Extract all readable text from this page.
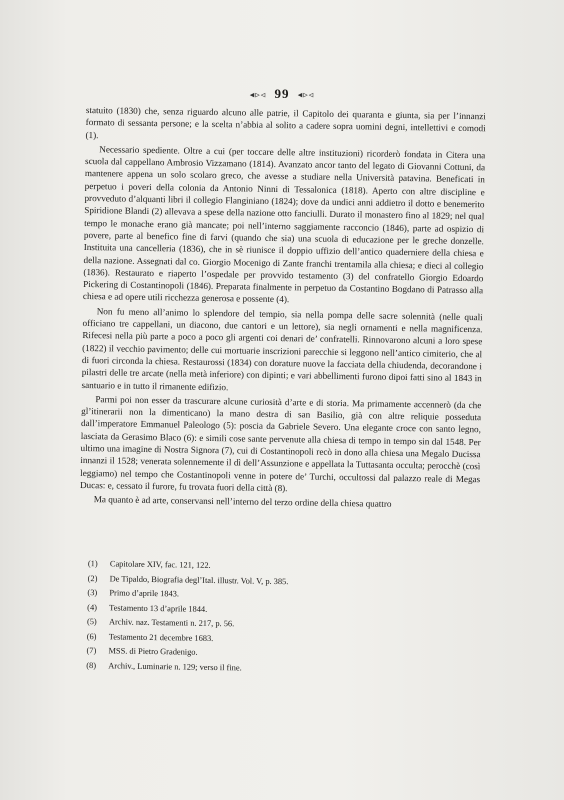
◂▹◃ 99 ◂▹◃

statuito (1830) che, senza riguardo alcuno alle patrie, il Capitolo dei quaranta e giunta, sia per l’innanzi formato di sessanta persone; e la scelta n’abbia al solito a cadere sopra uomini degni, intellettivi e comodi (1).

Necessario spediente. Oltre a cui (per toccare delle altre instituzioni) ricorderò fondata in Citera una scuola dal cappellano Ambrosio Vizzamano (1814). Avanzato ancor tanto del legato di Giovanni Cottuni, da mantenere appena un solo scolaro greco, che avesse a studiare nella Università patavina. Beneficati in perpetuo i poveri della colonia da Antonio Ninni di Tessalonica (1818). Aperto con altre discipline e provveduto d’alquanti libri il collegio Flanginiano (1824); dove da undici anni addietro il dotto e benemerito Spiridione Blandi (2) allevava a spese della nazione otto fanciulli. Durato il monastero fino al 1829; nel qual tempo le monache erano già mancate; poi nell’interno saggiamente racconcio (1846), parte ad ospizio di povere, parte al benefico fine di farvi (quando che sia) una scuola di educazione per le greche donzelle. Instituita una cancelleria (1836), che in sè riunisce il doppio uffizio dell’antico quaderniere della chiesa e della nazione. Assegnati dal co. Giorgio Mocenigo di Zante franchi trentamila alla chiesa; e dieci al collegio (1836). Restaurato e riaperto l’ospedale per provvido testamento (3) del confratello Giorgio Edoardo Pickering di Costantinopoli (1846). Preparata finalmente in perpetuo da Costantino Bogdano di Patrasso alla chiesa e ad opere utili ricchezza generosa e possente (4).

Non fu meno all’animo lo splendore del tempio, sia nella pompa delle sacre solennità (nelle quali officiano tre cappellani, un diacono, due cantori e un lettore), sia negli ornamenti e nella magnificenza. Rifecesi nella più parte a poco a poco gli argenti coi denari de’ confratelli. Rinnovarono alcuni a loro spese (1822) il vecchio pavimento; delle cui mortuarie inscrizioni parecchie si leggono nell’antico cimiterio, che al di fuori circonda la chiesa. Restaurossi (1834) con dorature nuove la facciata della chiudenda, decorandone i pilastri delle tre arcate (nella metà inferiore) con dipinti; e vari abbellimenti furono dipoi fatti sino al 1843 in santuario e in tutto il rimanente edifizio.

Parmi poi non esser da trascurare alcune curiosità d’arte e di storia. Ma primamente accennerò (da che gl’itinerarii non la dimenticano) la mano destra di san Basilio, già con altre reliquie posseduta dall’imperatore Emmanuel Paleologo (5): poscia da Gabriele Severo. Una elegante croce con santo legno, lasciata da Gerasimo Blaco (6): e simili cose sante pervenute alla chiesa di tempo in tempo sin dal 1548. Per ultimo una imagine di Nostra Signora (7), cui di Costantinopoli recò in dono alla chiesa una Megalo Ducissa innanzi il 1528; venerata solennemente il dì dell’Assunzione e appellata la Tuttasanta occulta; perocchè (così leggiamo) nel tempo che Costantinopoli venne in potere de’ Turchi, occultossi dal palazzo reale di Megas Ducas: e, cessato il furore, fu trovata fuori della città (8).

Ma quanto è ad arte, conservansi nell’interno del terzo ordine della chiesa quattro

(1) Capitolare XIV, fac. 121, 122.
(2) De Tipaldo, Biografia degl’Ital. illustr. Vol. V, p. 385.
(3) Primo d’aprile 1843.
(4) Testamento 13 d’aprile 1844.
(5) Archiv. naz. Testamenti n. 217, p. 56.
(6) Testamento 21 decembre 1683.
(7) MSS. di Pietro Gradenigo.
(8) Archiv., Luminarie n. 129; verso il fine.
